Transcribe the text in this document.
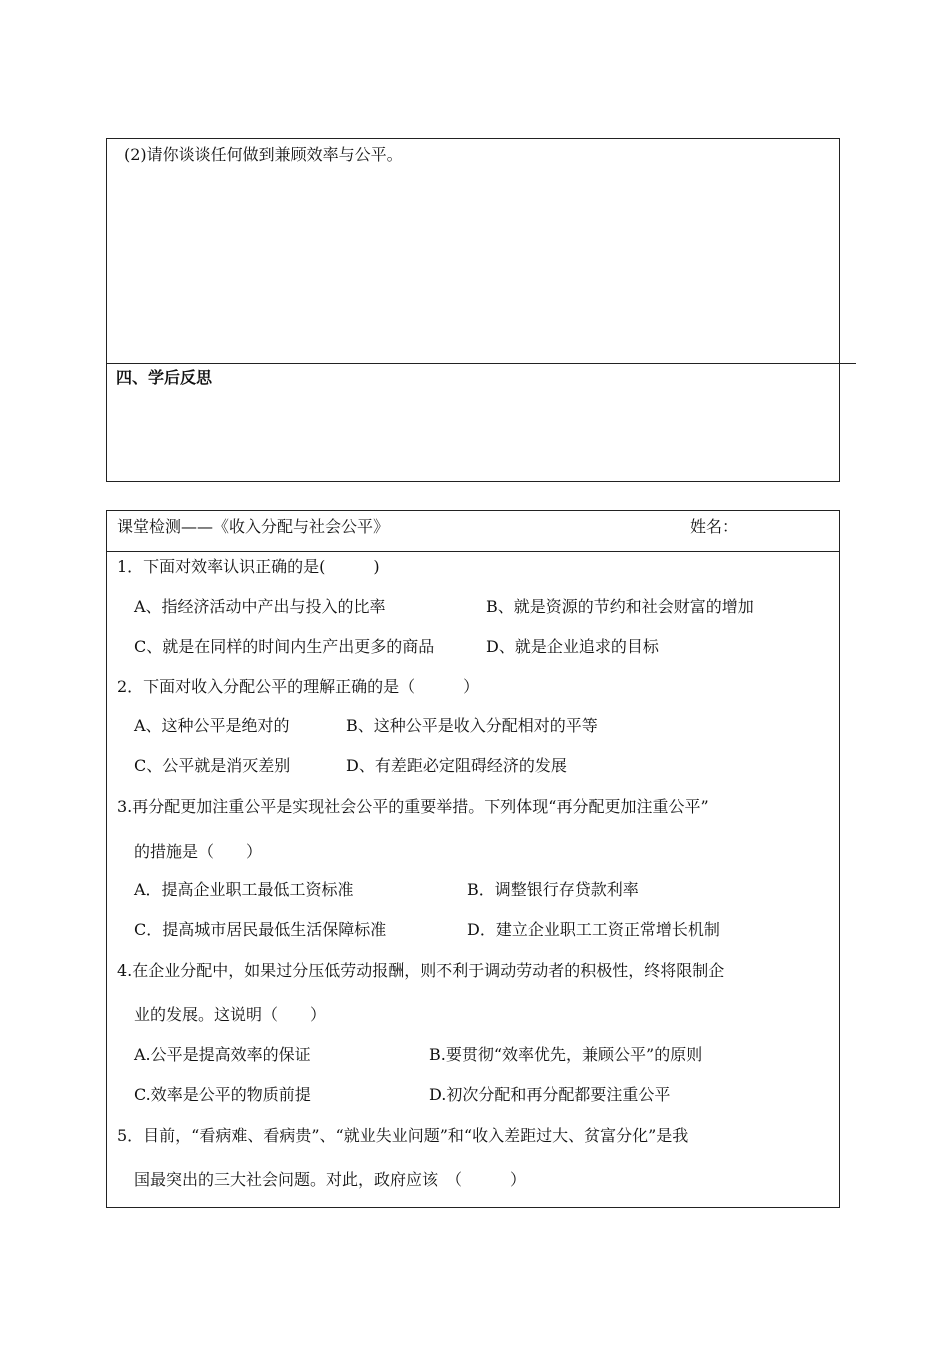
(2)请你谈谈任何做到兼顾效率与公平。
四、学后反思
课堂检测——《收入分配与社会公平》	姓名：
1．下面对效率认识正确的是(　　　)
A、指经济活动中产出与投入的比率	B、就是资源的节约和社会财富的增加
C、就是在同样的时间内生产出更多的商品	D、就是企业追求的目标
2．下面对收入分配公平的理解正确的是（　　　）
A、这种公平是绝对的	B、这种公平是收入分配相对的平等
C、公平就是消灭差别	D、有差距必定阻碍经济的发展
3.再分配更加注重公平是实现社会公平的重要举措。下列体现“再分配更加注重公平”
的措施是（　　）
A．提高企业职工最低工资标准	B．调整银行存贷款利率
C．提高城市居民最低生活保障标准	D．建立企业职工工资正常增长机制
4.在企业分配中，如果过分压低劳动报酬，则不利于调动劳动者的积极性，终将限制企
业的发展。这说明（　　）
A.公平是提高效率的保证	B.要贯彻“效率优先，兼顾公平”的原则
C.效率是公平的物质前提	D.初次分配和再分配都要注重公平
5．目前，“看病难、看病贵”、“就业失业问题”和“收入差距过大、贫富分化”是我
国最突出的三大社会问题。对此，政府应该　（　　　）
